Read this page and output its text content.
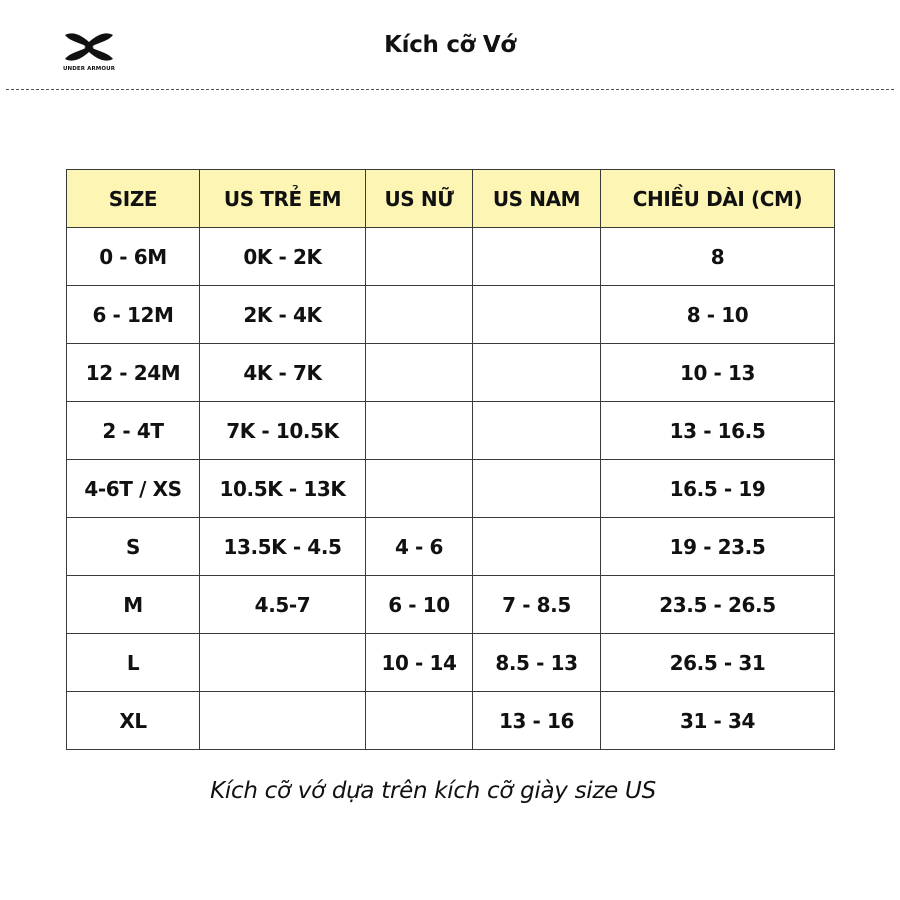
UNDER ARMOUR
Kích cỡ Vớ
SIZE	US TRẺ EM	US NỮ	US NAM	CHIỀU DÀI (CM)
0 - 6M	0K - 2K			8
6 - 12M	2K - 4K			8 - 10
12 - 24M	4K - 7K			10 - 13
2 - 4T	7K - 10.5K			13 - 16.5
4-6T / XS	10.5K - 13K			16.5 - 19
S	13.5K - 4.5	4 - 6		19 - 23.5
M	4.5-7	6 - 10	7 - 8.5	23.5 - 26.5
L		10 - 14	8.5 - 13	26.5 - 31
XL			13 - 16	31 - 34
Kích cỡ vớ dựa trên kích cỡ giày size US
